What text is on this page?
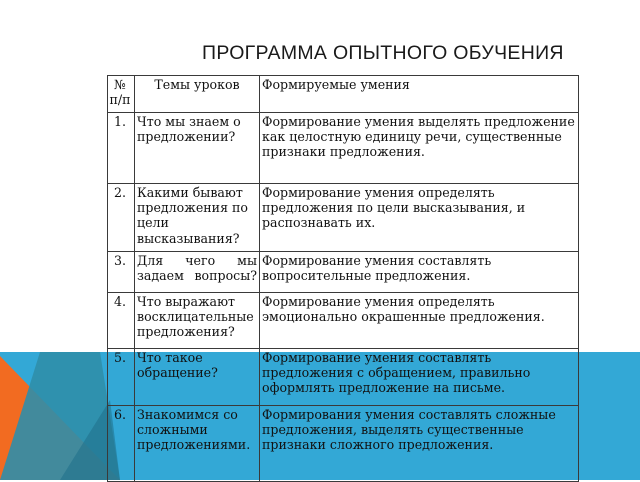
ПРОГРАММА ОПЫТНОГО ОБУЧЕНИЯ
№ п/п	Темы уроков	Формируемые умения
1.	Что мы знаем о предложении?	Формирование умения выделять предложение как целостную единицу речи, существенные признаки предложения.
2.	Какими бывают предложения по цели высказывания?	Формирование умения определять предложения по цели высказывания, и распознавать их.
3.	Для чего мы задаем вопросы?	Формирование умения составлять вопросительные предложения.
4.	Что выражают восклицательные предложения?	Формирование умения определять эмоционально окрашенные предложения.
5.	Что такое обращение?	Формирование умения составлять предложения с обращением, правильно оформлять предложение на письме.
6.	Знакомимся со сложными предложениями.	Формирования умения составлять сложные предложения, выделять существенные признаки сложного предложения.
